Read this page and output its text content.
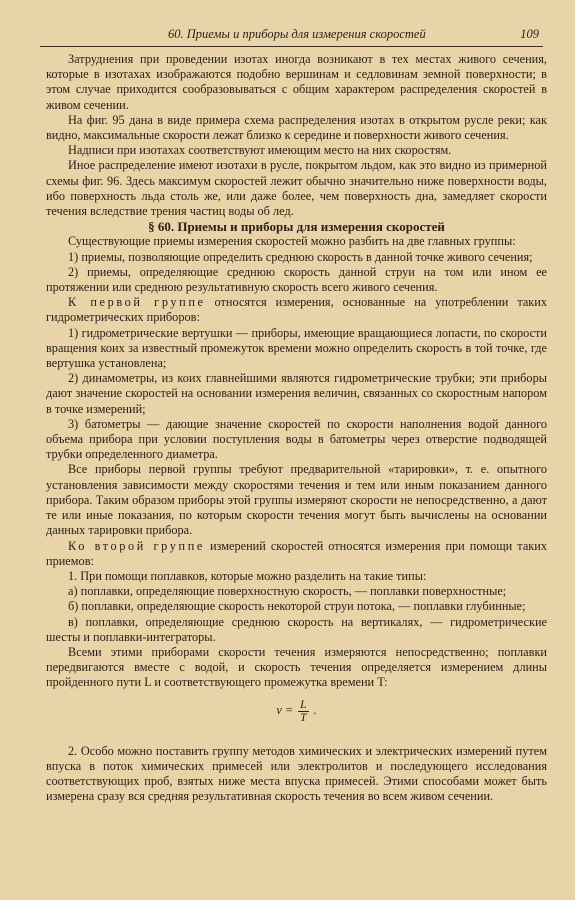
60. Приемы и приборы для измерения скоростей	109

Затруднения при проведении изотах иногда возникают в тех местах живого сечения, которые в изотахах изображаются подобно вершинам и седловинам земной поверхности; в этом случае приходится сообразовываться с общим характером распределения скоростей в живом сечении.

На фиг. 95 дана в виде примера схема распределения изотах в открытом русле реки; как видно, максимальные скорости лежат близко к середине и поверхности живого сечения.

Надписи при изотахах соответствуют имеющим место на них скоростям.

Иное распределение имеют изотахи в русле, покрытом льдом, как это видно из примерной схемы фиг. 96. Здесь максимум скоростей лежит обычно значительно ниже поверхности воды, ибо поверхность льда столь же, или даже более, чем поверхность дна, замедляет скорости течения вследствие трения частиц воды об лед.

§ 60. Приемы и приборы для измерения скоростей

Существующие приемы измерения скоростей можно разбить на две главных группы:

1) приемы, позволяющие определить среднюю скорость в данной точке живого сечения;

2) приемы, определяющие среднюю скорость данной струи на том или ином ее протяжении или среднюю результативную скорость всего живого сечения.

К первой группе относятся измерения, основанные на употреблении таких гидрометрических приборов:

1) гидрометрические вертушки — приборы, имеющие вращающиеся лопасти, по скорости вращения коих за известный промежуток времени можно определить скорость в той точке, где вертушка установлена;

2) динамометры, из коих главнейшими являются гидрометрические трубки; эти приборы дают значение скоростей на основании измерения величин, связанных со скоростным напором в точке измерений;

3) батометры — дающие значение скоростей по скорости наполнения водой данного объема прибора при условии поступления воды в батометры через отверстие подводящей трубки определенного диаметра.

Все приборы первой группы требуют предварительной «тарировки», т. е. опытного установления зависимости между скоростями течения и тем или иным показанием данного прибора. Таким образом приборы этой группы измеряют скорости не непосредственно, а дают те или иные показания, по которым скорости течения могут быть вычислены на основании данных тарировки прибора.

Ко второй группе измерений скоростей относятся измерения при помощи таких приемов:

1. При помощи поплавков, которые можно разделить на такие типы:

а) поплавки, определяющие поверхностную скорость, — поплавки поверхностные;

б) поплавки, определяющие скорость некоторой струи потока, — поплавки глубинные;

в) поплавки, определяющие среднюю скорость на вертикалях, — гидрометрические шесты и поплавки-интеграторы.

Всеми этими приборами скорости течения измеряются непосредственно; поплавки передвигаются вместе с водой, и скорость течения определяется измерением длины пройденного пути L и соответствующего промежутка времени T:

$v = \frac{L}{T}$ .

2. Особо можно поставить группу методов химических и электрических измерений путем впуска в поток химических примесей или электролитов и последующего исследования соответствующих проб, взятых ниже места впуска примесей. Этими способами может быть измерена сразу вся средняя результативная скорость течения во всем живом сечении.
